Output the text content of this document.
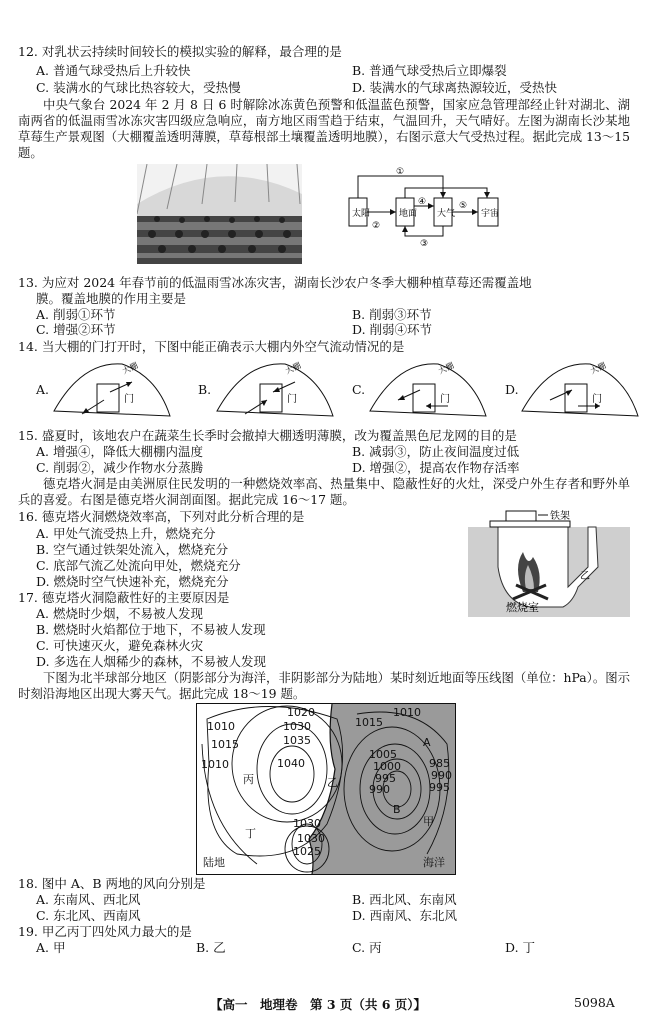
12. 对乳状云持续时间较长的模拟实验的解释，最合理的是
A. 普通气球受热后上升较快	B. 普通气球受热后立即爆裂
C. 装满水的气球比热容较大，受热慢	D. 装满水的气球离热源较近，受热快
中央气象台 2024 年 2 月 8 日 6 时解除冰冻黄色预警和低温蓝色预警，国家应急管理部经止针对湖北、湖南两省的低温雨雪冰冻灾害四级应急响应，南方地区雨雪趋于结束，气温回升，天气晴好。左图为湖南长沙某地草莓生产景观图（大棚覆盖透明薄膜，草莓根部土壤覆盖透明地膜），右图示意大气受热过程。据此完成 13～15 题。
太阳	地面 大气	宇宙
①
②
③
④	⑤
13. 为应对 2024 年春节前的低温雨雪冰冻灾害，湖南长沙农户冬季大棚种植草莓还需覆盖地
膜。覆盖地膜的作用主要是
A. 削弱①环节	B. 削弱③环节
C. 增强②环节	D. 削弱④环节
14. 当大棚的门打开时，下图中能正确表示大棚内外空气流动情况的是
A.
门
大棚
B.
门
大棚
C.
门
大棚
D.
门
大棚
15. 盛夏时，该地农户在蔬菜生长季时会撤掉大棚透明薄膜，改为覆盖黑色尼龙网的目的是
A. 增强④，降低大棚棚内温度	B. 减弱③，防止夜间温度过低
C. 削弱②，减少作物水分蒸腾	D. 增强②，提高农作物存活率
德克塔火洞是由美洲原住民发明的一种燃烧效率高、热量集中、隐蔽性好的火灶，深受户外生存者和野外单兵的喜爱。右图是德克塔火洞剖面图。据此完成 16～17 题。
16. 德克塔火洞燃烧效率高，下列对此分析合理的是
A. 甲处气流受热上升，燃烧充分
B. 空气通过铁架处流入，燃烧充分
C. 底部气流乙处流向甲处，燃烧充分
D. 燃烧时空气快速补充，燃烧充分
铁架
燃烧室
乙
17. 德克塔火洞隐蔽性好的主要原因是
A. 燃烧时少烟，不易被人发现
B. 燃烧时火焰都位于地下，不易被人发现
C. 可快速灭火，避免森林火灾
D. 多选在人烟稀少的森林，不易被人发现
下图为北半球部分地区（阴影部分为海洋，非阴影部分为陆地）某时刻近地面等压线图（单位：hPa）。图示时刻沿海地区出现大雾天气。据此完成 18～19 题。
1020
1010
1015
1030
1035
1040
1010
1015
1010
1005
1000
995
990
985
990
995
1030
1025
1030
丙
丁
甲
乙
A
B
陆地	海洋
18. 图中 A、B 两地的风向分别是
A. 东南风、西北风	B. 西北风、东南风
C. 东北风、西南风	D. 西南风、东北风
19. 甲乙丙丁四处风力最大的是
A. 甲	B. 乙	C. 丙	D. 丁
【高一　地理卷　第 3 页（共 6 页）】	5098A
